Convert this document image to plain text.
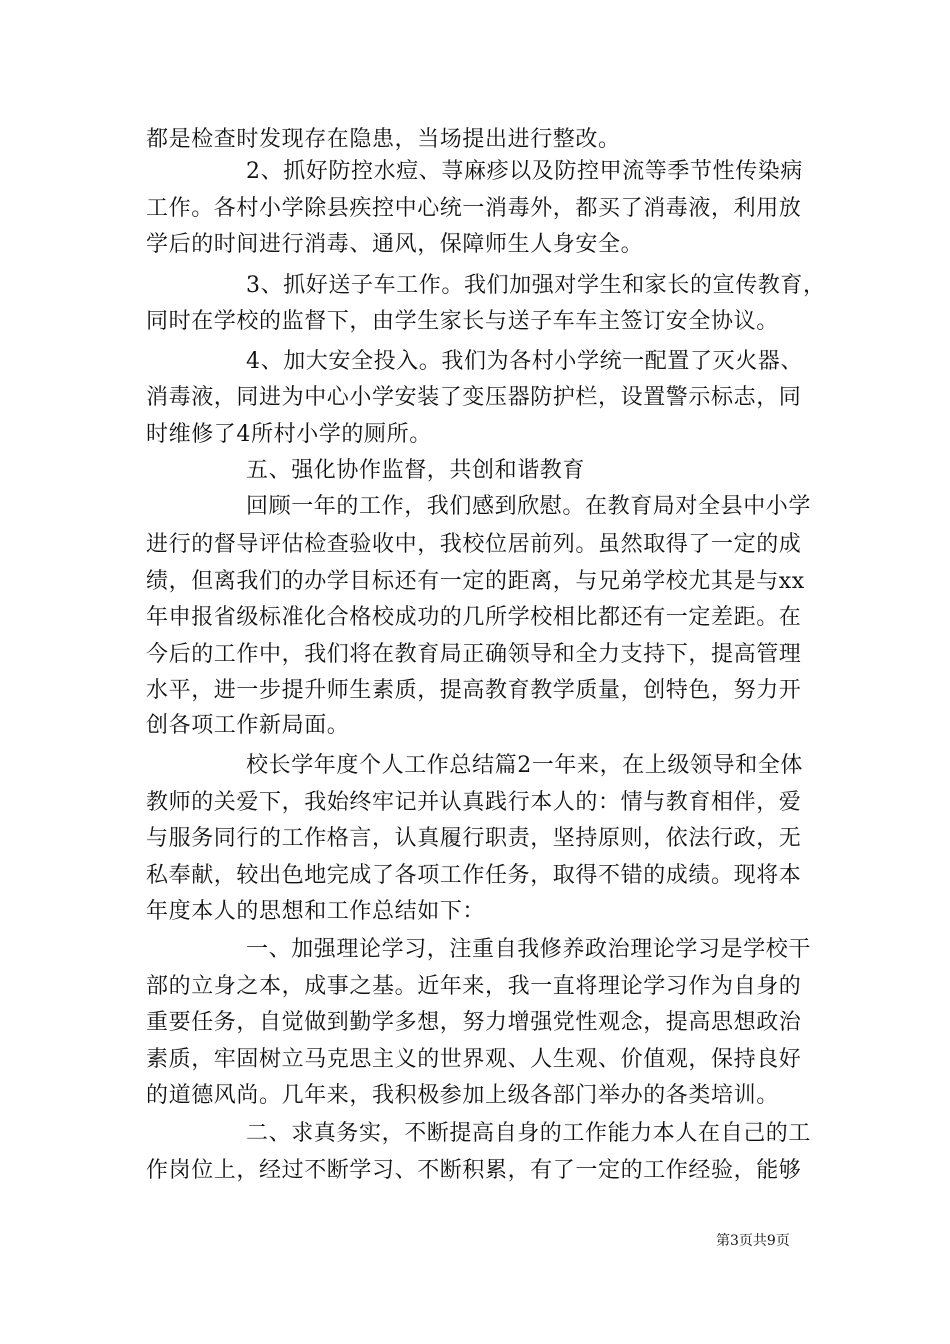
都是检查时发现存在隐患，当场提出进行整改。
2、抓好防控水痘、荨麻疹以及防控甲流等季节性传染病
工作。各村小学除县疾控中心统一消毒外，都买了消毒液，利用放
学后的时间进行消毒、通风，保障师生人身安全。
3、抓好送子车工作。我们加强对学生和家长的宣传教育，
同时在学校的监督下，由学生家长与送子车车主签订安全协议。
4、加大安全投入。我们为各村小学统一配置了灭火器、
消毒液，同进为中心小学安装了变压器防护栏，设置警示标志，同
时维修了4所村小学的厕所。
五、强化协作监督，共创和谐教育
回顾一年的工作，我们感到欣慰。在教育局对全县中小学
进行的督导评估检查验收中，我校位居前列。虽然取得了一定的成
绩，但离我们的办学目标还有一定的距离，与兄弟学校尤其是与xx
年申报省级标准化合格校成功的几所学校相比都还有一定差距。在
今后的工作中，我们将在教育局正确领导和全力支持下，提高管理
水平，进一步提升师生素质，提高教育教学质量，创特色，努力开
创各项工作新局面。
校长学年度个人工作总结篇2一年来，在上级领导和全体
教师的关爱下，我始终牢记并认真践行本人的：情与教育相伴，爱
与服务同行的工作格言，认真履行职责，坚持原则，依法行政，无
私奉献，较出色地完成了各项工作任务，取得不错的成绩。现将本
年度本人的思想和工作总结如下：
一、加强理论学习，注重自我修养政治理论学习是学校干
部的立身之本，成事之基。近年来，我一直将理论学习作为自身的
重要任务，自觉做到勤学多想，努力增强党性观念，提高思想政治
素质，牢固树立马克思主义的世界观、人生观、价值观，保持良好
的道德风尚。几年来，我积极参加上级各部门举办的各类培训。
二、求真务实，不断提高自身的工作能力本人在自己的工
作岗位上，经过不断学习、不断积累，有了一定的工作经验，能够
第3页共9页
